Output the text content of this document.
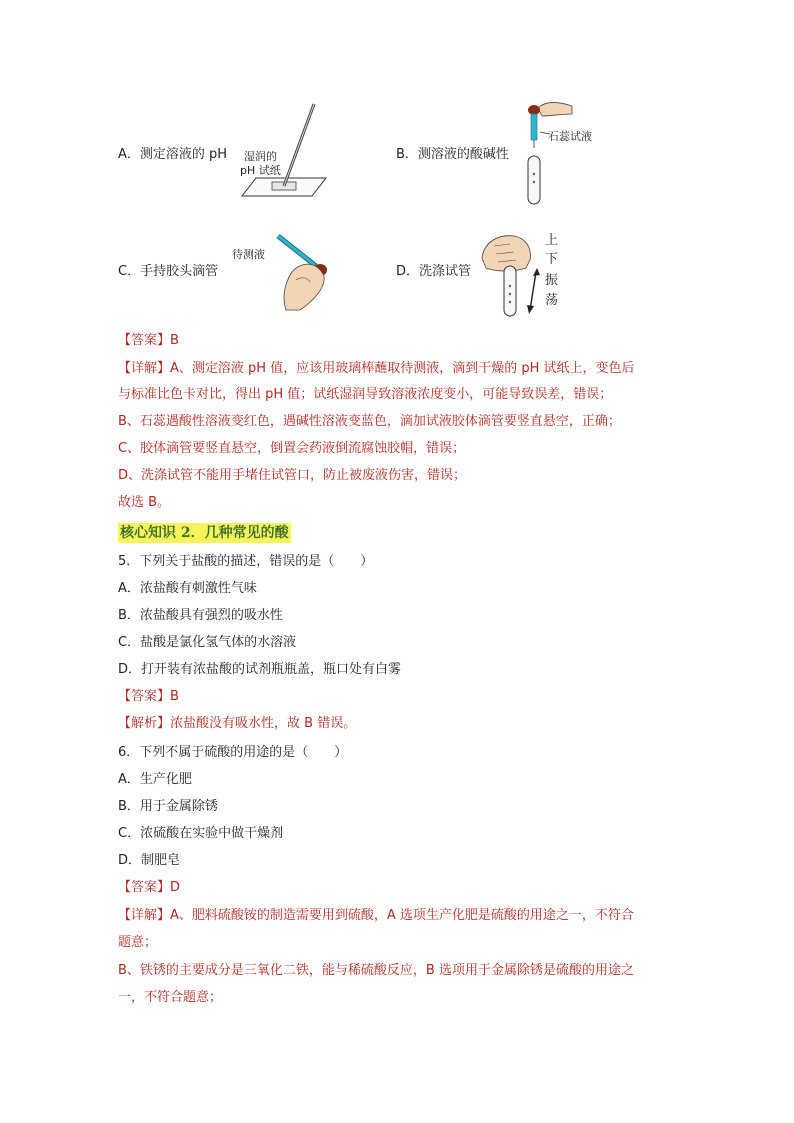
A．测定溶液的 pH 湿润的
pH 试纸
B．测溶液的酸碱性
石蕊试液
C．手持胶头滴管
待测液
D．洗涤试管
上
下
振
荡
【答案】B
【详解】A、测定溶液 pH 值，应该用玻璃棒蘸取待测液，滴到干燥的 pH 试纸上，变色后
与标准比色卡对比，得出 pH 值；试纸湿润导致溶液浓度变小，可能导致误差，错误；
B、石蕊遇酸性溶液变红色，遇碱性溶液变蓝色，滴加试液胶体滴管要竖直悬空，正确；
C、胶体滴管要竖直悬空，倒置会药液倒流腐蚀胶帽，错误；
D、洗涤试管不能用手堵住试管口，防止被废液伤害，错误；
故选 B。
核心知识 2．几种常见的酸
5．下列关于盐酸的描述，错误的是（　　）
A．浓盐酸有刺激性气味
B．浓盐酸具有强烈的吸水性
C．盐酸是氯化氢气体的水溶液
D．打开装有浓盐酸的试剂瓶瓶盖，瓶口处有白雾
【答案】B
【解析】浓盐酸没有吸水性，故 B 错误。
6．下列不属于硫酸的用途的是（　　）
A．生产化肥
B．用于金属除锈
C．浓硫酸在实验中做干燥剂
D．制肥皂
【答案】D
【详解】A、肥料硫酸铵的制造需要用到硫酸，A 选项生产化肥是硫酸的用途之一，不符合
题意；
B、铁锈的主要成分是三氧化二铁，能与稀硫酸反应，B 选项用于金属除锈是硫酸的用途之
一，不符合题意；
